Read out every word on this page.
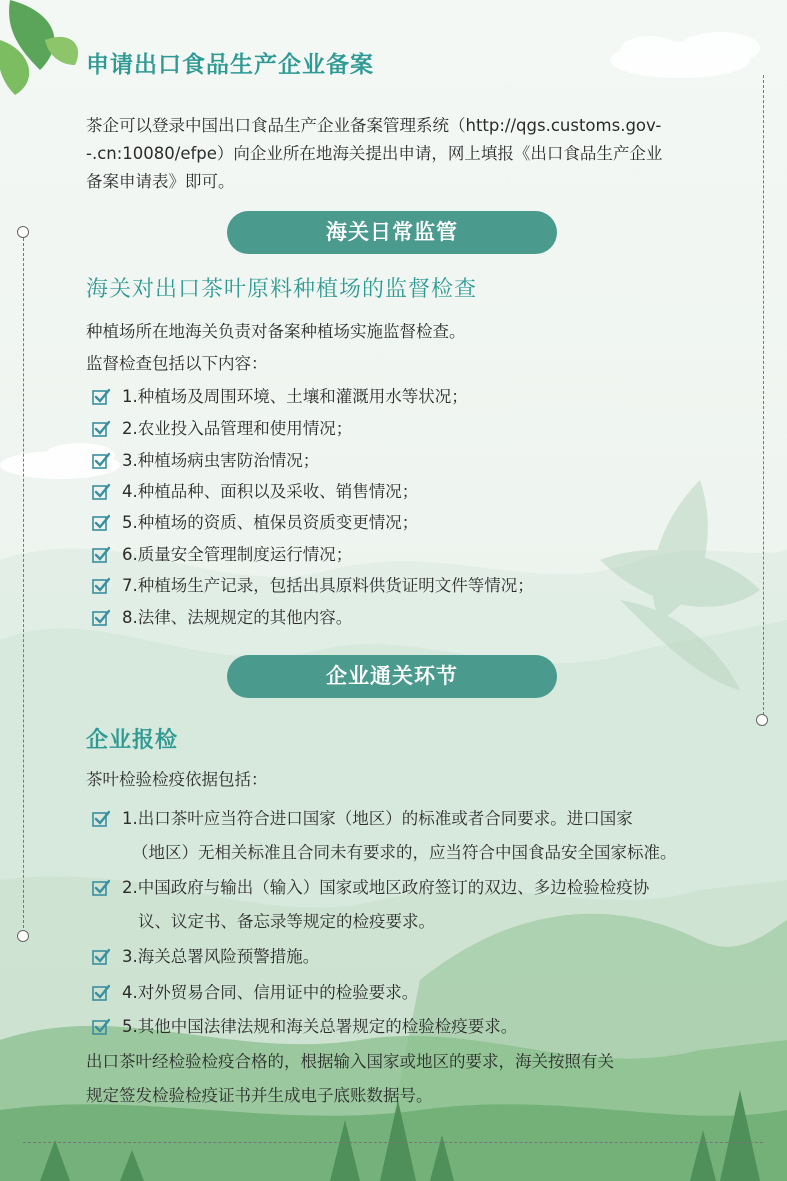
申请出口食品生产企业备案
茶企可以登录中国出口食品生产企业备案管理系统（http://qgs.customs.gov-
-.cn:10080/efpe）向企业所在地海关提出申请，网上填报《出口食品生产企业
备案申请表》即可。
海关日常监管
海关对出口茶叶原料种植场的监督检查
种植场所在地海关负责对备案种植场实施监督检查。
监督检查包括以下内容：
1.种植场及周围环境、土壤和灌溉用水等状况；
2.农业投入品管理和使用情况；
3.种植场病虫害防治情况；
4.种植品种、面积以及采收、销售情况；
5.种植场的资质、植保员资质变更情况；
6.质量安全管理制度运行情况；
7.种植场生产记录，包括出具原料供货证明文件等情况；
8.法律、法规规定的其他内容。
企业通关环节
企业报检
茶叶检验检疫依据包括：
1.出口茶叶应当符合进口国家（地区）的标准或者合同要求。进口国家
（地区）无相关标准且合同未有要求的，应当符合中国食品安全国家标准。
2.中国政府与输出（输入）国家或地区政府签订的双边、多边检验检疫协
议、议定书、备忘录等规定的检疫要求。
3.海关总署风险预警措施。
4.对外贸易合同、信用证中的检验要求。
5.其他中国法律法规和海关总署规定的检验检疫要求。
出口茶叶经检验检疫合格的，根据输入国家或地区的要求，海关按照有关
规定签发检验检疫证书并生成电子底账数据号。
